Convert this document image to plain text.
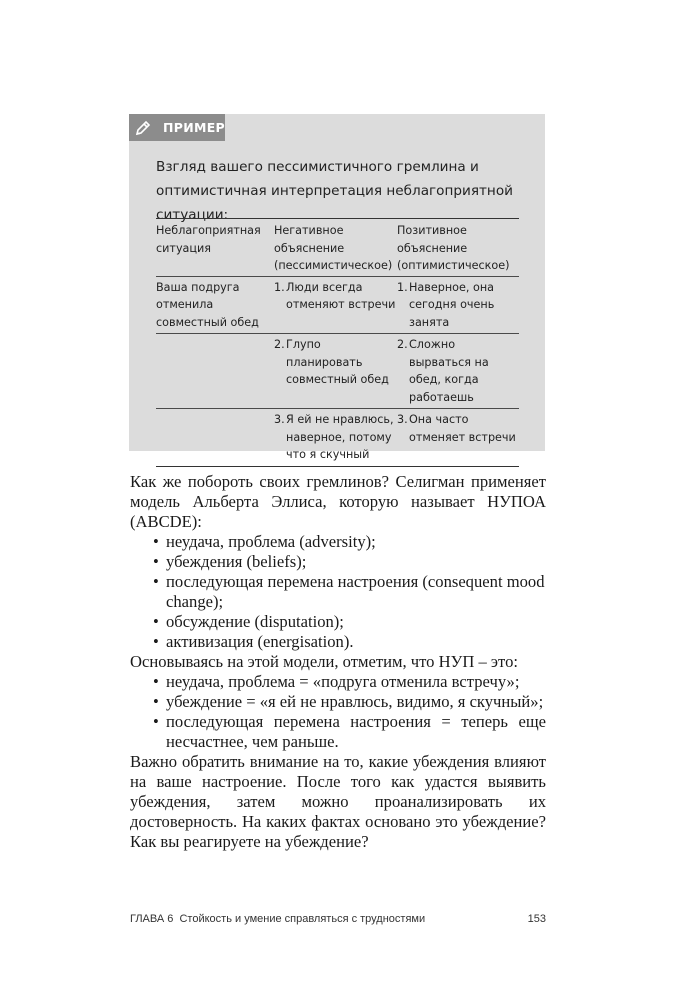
ПРИМЕР
Взгляд вашего пессимистичного гремлина и оптимистичная интерпретация неблагоприятной ситуации:
Неблагоприятная ситуация
Негативное объяснение (пессимистическое)
Позитивное объяснение (оптимистическое)
Ваша подруга отменила совместный обед
1. Люди всегда отменяют встречи
1. Наверное, она сегодня очень занята
2. Глупо планировать совместный обед
2. Сложно вырваться на обед, когда работаешь
3. Я ей не нравлюсь, наверное, потому что я скучный
3. Она часто отменяет встречи

Как же побороть своих гремлинов? Селигман применяет модель Альберта Эллиса, которую называет НУПОА (ABCDE):

• неудача, проблема (adversity);
• убеждения (beliefs);
• последующая перемена настроения (consequent mood change);
• обсуждение (disputation);
• активизация (energisation).

Основываясь на этой модели, отметим, что НУП – это:

• неудача, проблема = «подруга отменила встречу»;
• убеждение = «я ей не нравлюсь, видимо, я скучный»;
• последующая перемена настроения = теперь еще несчастнее, чем раньше.

Важно обратить внимание на то, какие убеждения влияют на ваше настроение. После того как удастся выявить убеждения, затем можно проанализировать их достоверность. На каких фактах основано это убеждение? Как вы реагируете на убеждение?

ГЛАВА 6  Стойкость и умение справляться с трудностями	153
